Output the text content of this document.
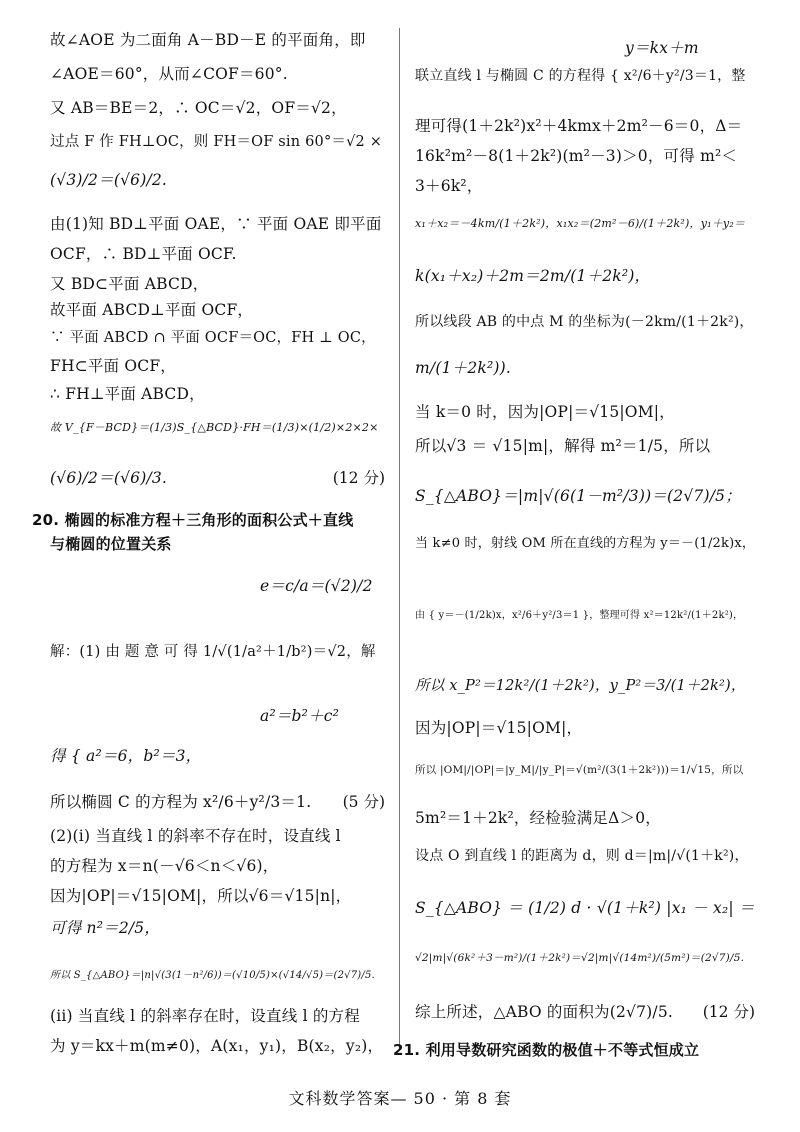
故∠AOE 为二面角 A－BD－E 的平面角，即
∠AOE＝60°，从而∠COF＝60°.
又 AB＝BE＝2，∴ OC＝√2，OF＝√2，
过点 F 作 FH⊥OC，则 FH＝OF sin 60°＝√2 ×
(√3)/2＝(√6)/2.
由(1)知 BD⊥平面 OAE，∵ 平面 OAE 即平面
OCF，∴ BD⊥平面 OCF.
又 BD⊂平面 ABCD，
故平面 ABCD⊥平面 OCF，
∵ 平面 ABCD ∩ 平面 OCF＝OC，FH ⊥ OC，
FH⊂平面 OCF，
∴ FH⊥平面 ABCD，
故 V_{F－BCD}＝(1/3)S_{△BCD}·FH＝(1/3)×(1/2)×2×2×
(√6)/2＝(√6)/3.	(12 分)
20. 椭圆的标准方程＋三角形的面积公式＋直线
与椭圆的位置关系
e＝c/a＝(√2)/2
解：(1) 由 题 意 可 得 1/√(1/a²＋1/b²)＝√2，解
a²＝b²＋c²
得 { a²＝6，b²＝3，
所以椭圆 C 的方程为 x²/6＋y²/3＝1. (5 分)
(2)(i) 当直线 l 的斜率不存在时，设直线 l
的方程为 x＝n(－√6＜n＜√6)，
因为|OP|＝√15|OM|，所以√6＝√15|n|，
可得 n²＝2/5，
所以 S_{△ABO}＝|n|√(3(1－n²/6))＝(√10/5)×(√14/√5)＝(2√7)/5.
(ii) 当直线 l 的斜率存在时，设直线 l 的方程
为 y＝kx＋m(m≠0)，A(x₁，y₁)，B(x₂，y₂)，
y＝kx＋m
联立直线 l 与椭圆 C 的方程得 { x²/6＋y²/3＝1，整
理可得(1＋2k²)x²＋4kmx＋2m²－6＝0，Δ＝
16k²m²－8(1＋2k²)(m²－3)＞0，可得 m²＜
3＋6k²，
x₁＋x₂＝－4km/(1＋2k²)，x₁x₂＝(2m²－6)/(1＋2k²)，y₁＋y₂＝
k(x₁＋x₂)＋2m＝2m/(1＋2k²)，
所以线段 AB 的中点 M 的坐标为(－2km/(1＋2k²)，
m/(1＋2k²)).
当 k＝0 时，因为|OP|＝√15|OM|，
所以√3 ＝ √15|m|，解得 m²＝1/5，所以
S_{△ABO}＝|m|√(6(1－m²/3))＝(2√7)/5；
当 k≠0 时，射线 OM 所在直线的方程为 y＝－(1/2k)x，
由 { y＝－(1/2k)x，x²/6＋y²/3＝1 }，整理可得 x²＝12k²/(1＋2k²)，
所以 x_P²＝12k²/(1＋2k²)，y_P²＝3/(1＋2k²)，
因为|OP|＝√15|OM|，
所以 |OM|/|OP|＝|y_M|/|y_P|＝√(m²/(3(1＋2k²)))＝1/√15，所以
5m²＝1＋2k²，经检验满足Δ＞0，
设点 O 到直线 l 的距离为 d，则 d＝|m|/√(1＋k²)，
S_{△ABO} ＝ (1/2) d · √(1＋k²) |x₁ － x₂| ＝
√2|m|√(6k²＋3－m²)/(1＋2k²)＝√2|m|√(14m²)/(5m²)＝(2√7)/5.
综上所述，△ABO 的面积为(2√7)/5. (12 分)
21. 利用导数研究函数的极值＋不等式恒成立
文科数学答案— 50 · 第 8 套
